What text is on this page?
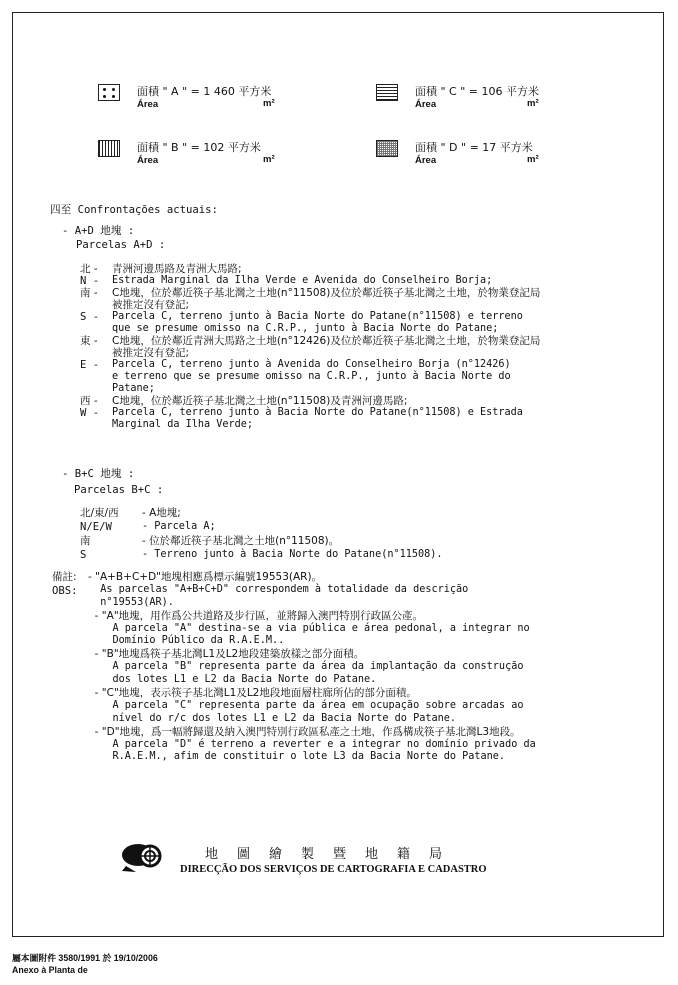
面積 " A " = 1 460 平方米
Área	m²
面積 " C " = 106 平方米
Área	m²
面積 " B " = 102 平方米
Área	m²
面積 " D " = 17 平方米
Área	m²
四至 Confrontações actuais:
- A+D 地塊 :
Parcelas A+D :
北 -	青洲河邊馬路及青洲大馬路;
N -	Estrada Marginal da Ilha Verde e Avenida do Conselheiro Borja;
南 -	C地塊，位於鄰近筷子基北灣之土地(n°11508)及位於鄰近筷子基北灣之土地，於物業登記局
被推定沒有登記;
S -	Parcela C, terreno junto à Bacia Norte do Patane(n°11508) e terreno
que se presume omisso na C.R.P., junto à Bacia Norte do Patane;
東 -	C地塊，位於鄰近青洲大馬路之土地(n°12426)及位於鄰近筷子基北灣之土地，於物業登記局
被推定沒有登記;
E -	Parcela C, terreno junto à Avenida do Conselheiro Borja (n°12426)
e terreno que se presume omisso na C.R.P., junto à Bacia Norte do
Patane;
西 -	C地塊，位於鄰近筷子基北灣之土地(n°11508)及青洲河邊馬路;
W -	Parcela C, terreno junto à Bacia Norte do Patane(n°11508) e Estrada
Marginal da Ilha Verde;
- B+C 地塊 :
Parcelas B+C :
北/東/西	- A地塊;
N/E/W	- Parcela A;
南	- 位於鄰近筷子基北灣之土地(n°11508)。
S	- Terreno junto à Bacia Norte do Patane(n°11508).
備註:
OBS:
- "A+B+C+D"地塊相應爲標示編號19553(AR)。
As parcelas "A+B+C+D" correspondem à totalidade da descrição
n°19553(AR).
- "A"地塊，用作爲公共道路及步行區，並將歸入澳門特別行政區公產。
A parcela "A" destina-se a via pública e área pedonal, a integrar no
Domínio Público da R.A.E.M..
- "B"地塊爲筷子基北灣L1及L2地段建築放樣之部分面積。
A parcela "B" representa parte da área da implantação da construção
dos lotes L1 e L2 da Bacia Norte do Patane.
- "C"地塊，表示筷子基北灣L1及L2地段地面層柱廊所佔的部分面積。
A parcela "C" representa parte da área em ocupação sobre arcadas ao
nível do r/c dos lotes L1 e L2 da Bacia Norte do Patane.
- "D"地塊，爲一幅將歸還及納入澳門特別行政區私產之土地，作爲構成筷子基北灣L3地段。
A parcela "D" é terreno a reverter e a integrar no domínio privado da
R.A.E.M., afim de constituir o lote L3 da Bacia Norte do Patane.
地圖繪製暨地籍局
DIRECÇÃO DOS SERVIÇOS DE CARTOGRAFIA E CADASTRO
屬本圖附件 3580/1991 於 19/10/2006
Anexo à Planta de
